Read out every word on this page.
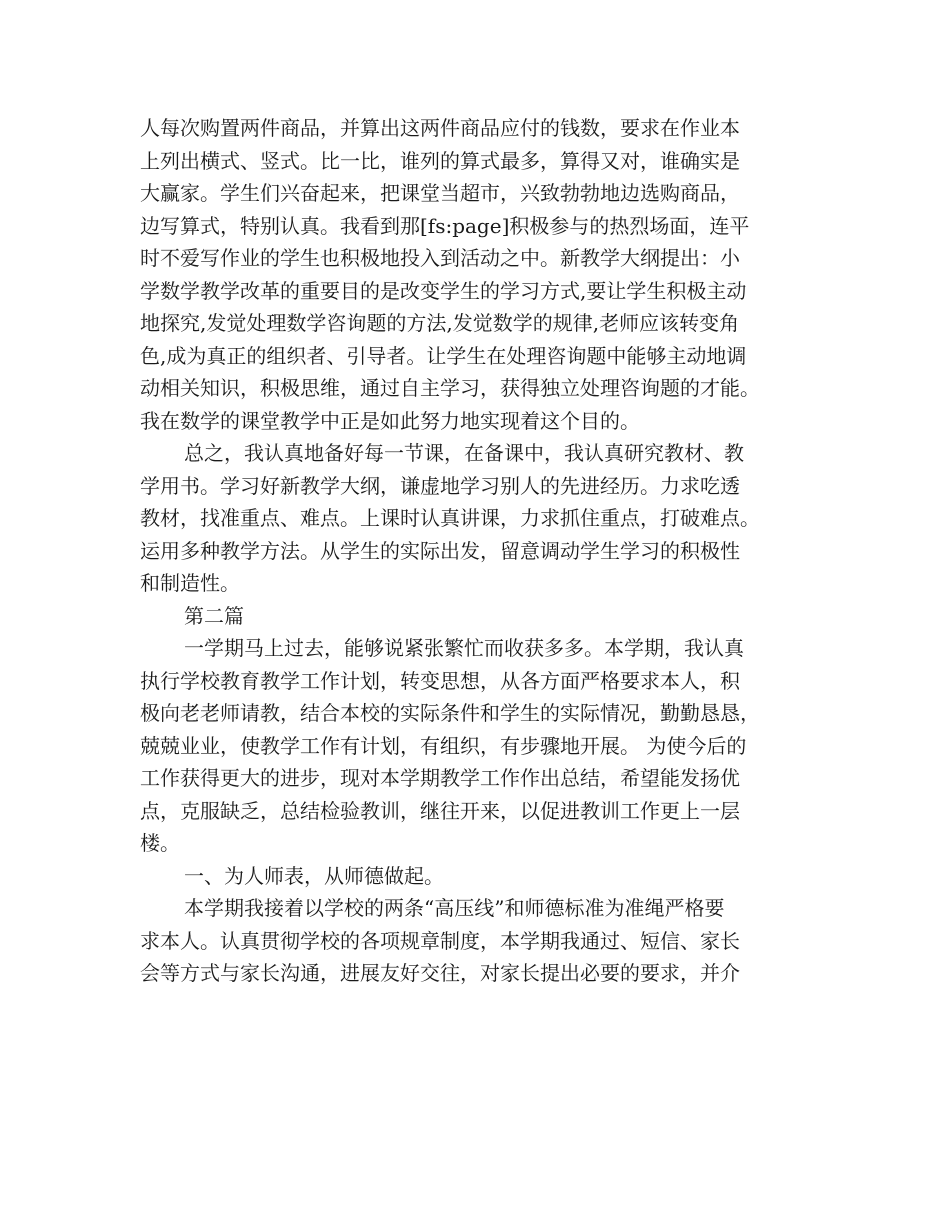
人每次购置两件商品，并算出这两件商品应付的钱数，要求在作业本
上列出横式、竖式。比一比，谁列的算式最多，算得又对，谁确实是
大赢家。学生们兴奋起来，把课堂当超市，兴致勃勃地边选购商品，
边写算式，特别认真。我看到那[fs:page]积极参与的热烈场面，连平
时不爱写作业的学生也积极地投入到活动之中。新教学大纲提出：小
学数学教学改革的重要目的是改变学生的学习方式,要让学生积极主动
地探究,发觉处理数学咨询题的方法,发觉数学的规律,老师应该转变角
色,成为真正的组织者、引导者。让学生在处理咨询题中能够主动地调
动相关知识，积极思维，通过自主学习，获得独立处理咨询题的才能。
我在数学的课堂教学中正是如此努力地实现着这个目的。
总之，我认真地备好每一节课，在备课中，我认真研究教材、教
学用书。学习好新教学大纲，谦虚地学习别人的先进经历。力求吃透
教材，找准重点、难点。上课时认真讲课，力求抓住重点，打破难点。
运用多种教学方法。从学生的实际出发，留意调动学生学习的积极性
和制造性。
第二篇
一学期马上过去，能够说紧张繁忙而收获多多。本学期，我认真
执行学校教育教学工作计划，转变思想，从各方面严格要求本人，积
极向老老师请教，结合本校的实际条件和学生的实际情况，勤勤恳恳，
兢兢业业，使教学工作有计划，有组织，有步骤地开展。 为使今后的
工作获得更大的进步，现对本学期教学工作作出总结，希望能发扬优
点，克服缺乏，总结检验教训，继往开来，以促进教训工作更上一层
楼。
一、为人师表，从师德做起。
本学期我接着以学校的两条“高压线”和师德标准为准绳严格要
求本人。认真贯彻学校的各项规章制度，本学期我通过、短信、家长
会等方式与家长沟通，进展友好交往，对家长提出必要的要求，并介
